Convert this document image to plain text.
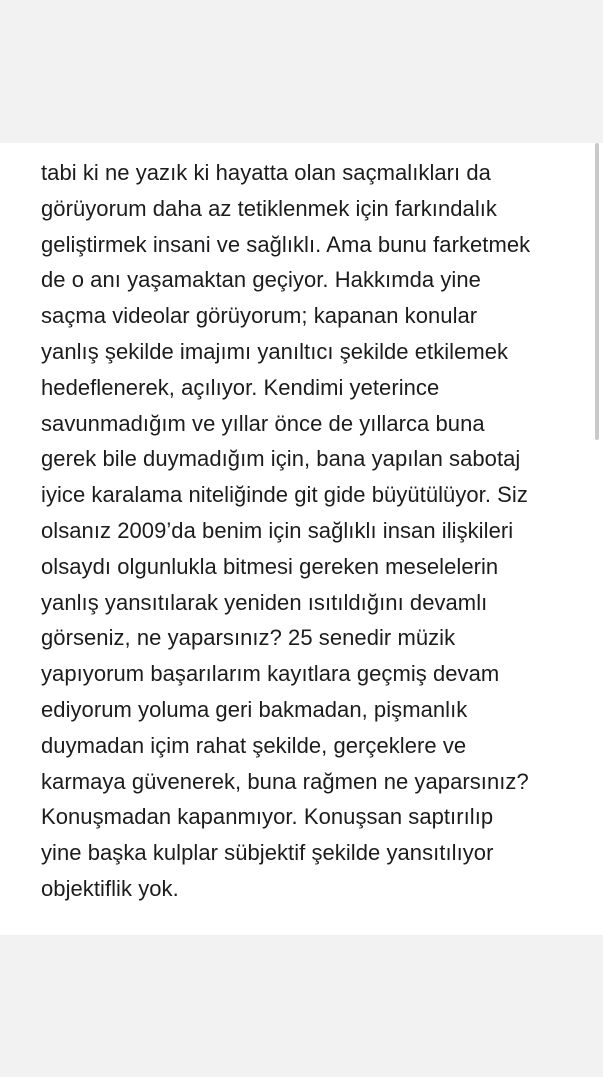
tabi ki ne yazık ki hayatta olan saçmalıkları da
görüyorum daha az tetiklenmek için farkındalık
geliştirmek insani ve sağlıklı. Ama bunu farketmek
de o anı yaşamaktan geçiyor. Hakkımda yine
saçma videolar görüyorum; kapanan konular
yanlış şekilde imajımı yanıltıcı şekilde etkilemek
hedeflenerek, açılıyor. Kendimi yeterince
savunmadığım ve yıllar önce de yıllarca buna
gerek bile duymadığım için, bana yapılan sabotaj
iyice karalama niteliğinde git gide büyütülüyor. Siz
olsanız 2009’da benim için sağlıklı insan ilişkileri
olsaydı olgunlukla bitmesi gereken meselelerin
yanlış yansıtılarak yeniden ısıtıldığını devamlı
görseniz, ne yaparsınız? 25 senedir müzik
yapıyorum başarılarım kayıtlara geçmiş devam
ediyorum yoluma geri bakmadan, pişmanlık
duymadan içim rahat şekilde, gerçeklere ve
karmaya güvenerek, buna rağmen ne yaparsınız?
Konuşmadan kapanmıyor. Konuşsan saptırılıp
yine başka kulplar sübjektif şekilde yansıtılıyor
objektiflik yok.
